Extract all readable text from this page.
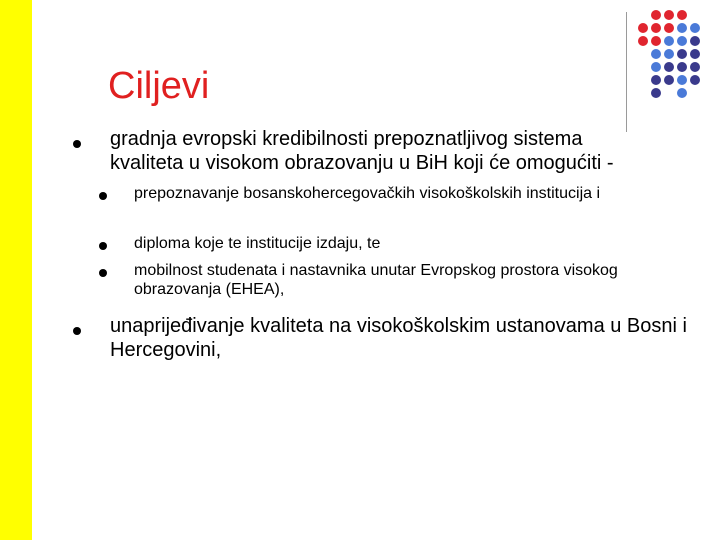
Ciljevi
gradnja evropski kredibilnosti prepoznatljivog sistema kvaliteta u visokom obrazovanju u BiH koji će omogućiti -
prepoznavanje bosanskohercegovačkih visokoškolskih institucija i
diploma koje te institucije izdaju, te
mobilnost studenata i nastavnika unutar Evropskog prostora visokog obrazovanja (EHEA),
unaprijeđivanje kvaliteta na visokoškolskim ustanovama u Bosni i Hercegovini,
